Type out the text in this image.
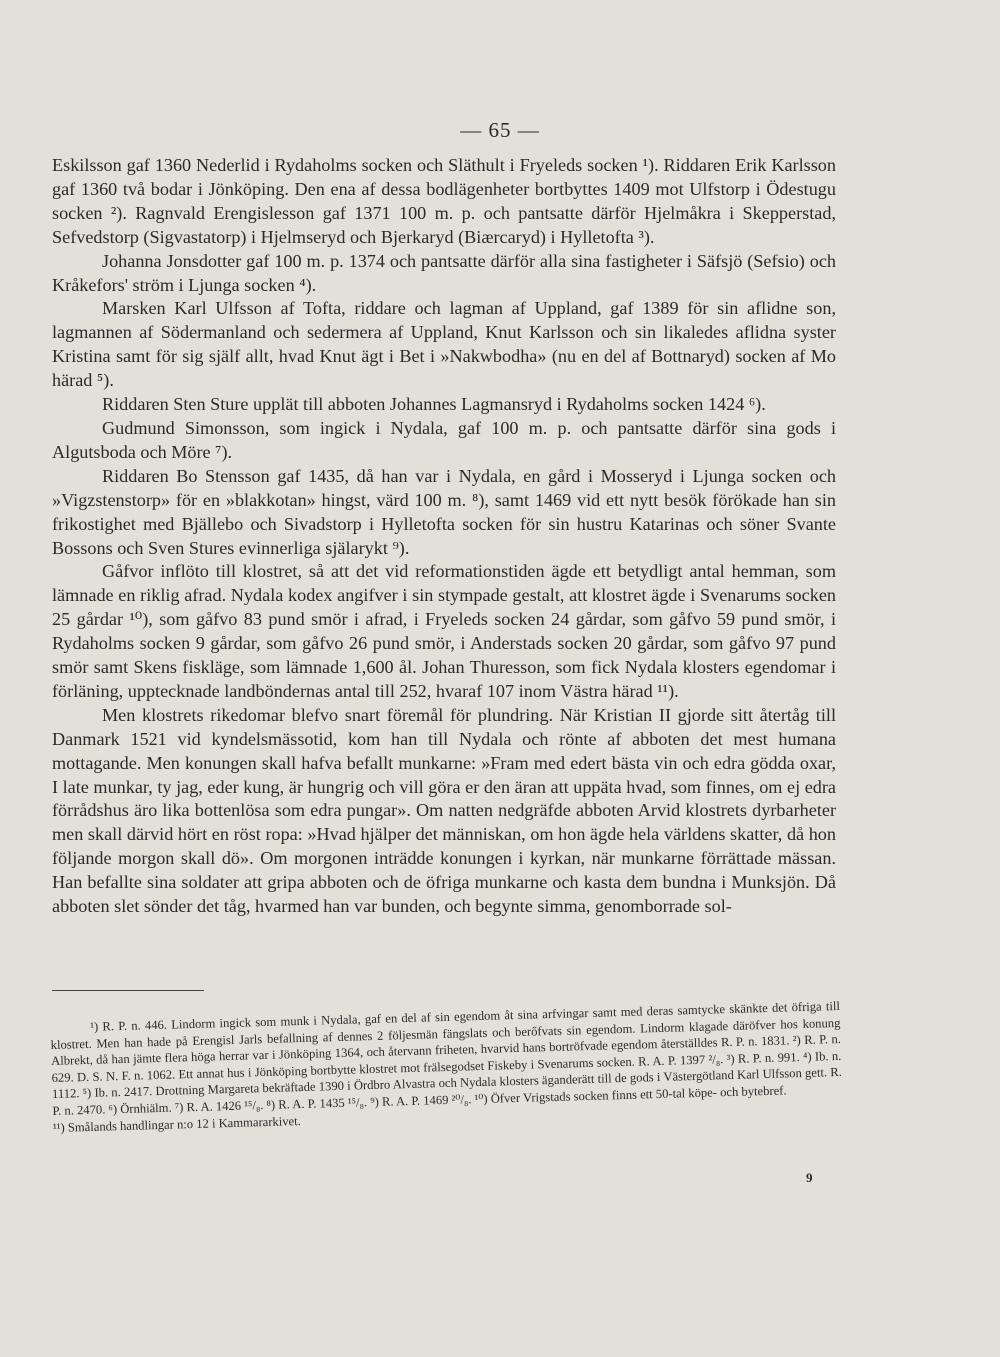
— 65 —

Eskilsson gaf 1360 Nederlid i Rydaholms socken och Släthult i Fryeleds socken ¹). Riddaren Erik Karlsson gaf 1360 två bodar i Jönköping. Den ena af dessa bodlägenheter bortbyttes 1409 mot Ulfstorp i Ödestugu socken ²). Ragnvald Erengislesson gaf 1371 100 m. p. och pantsatte därför Hjelmåkra i Skepperstad, Sefvedstorp (Sigvastatorp) i Hjelmseryd och Bjerkaryd (Biærcaryd) i Hylletofta ³).

Johanna Jonsdotter gaf 100 m. p. 1374 och pantsatte därför alla sina fastigheter i Säfsjö (Sefsio) och Kråkefors' ström i Ljunga socken ⁴).

Marsken Karl Ulfsson af Tofta, riddare och lagman af Uppland, gaf 1389 för sin aflidne son, lagmannen af Södermanland och sedermera af Uppland, Knut Karlsson och sin likaledes aflidna syster Kristina samt för sig själf allt, hvad Knut ägt i Bet i »Nakwbodha» (nu en del af Bottnaryd) socken af Mo härad ⁵).

Riddaren Sten Sture upplät till abboten Johannes Lagmansryd i Rydaholms socken 1424 ⁶).

Gudmund Simonsson, som ingick i Nydala, gaf 100 m. p. och pantsatte därför sina gods i Algutsboda och Möre ⁷).

Riddaren Bo Stensson gaf 1435, då han var i Nydala, en gård i Mosseryd i Ljunga socken och »Vigzstenstorp» för en »blakkotan» hingst, värd 100 m. ⁸), samt 1469 vid ett nytt besök förökade han sin frikostighet med Bjällebo och Sivadstorp i Hylletofta socken för sin hustru Katarinas och söner Svante Bossons och Sven Stures evinnerliga själarykt ⁹).

Gåfvor inflöto till klostret, så att det vid reformationstiden ägde ett betydligt antal hemman, som lämnade en riklig afrad. Nydala kodex angifver i sin stympade gestalt, att klostret ägde i Svenarums socken 25 gårdar ¹⁰), som gåfvo 83 pund smör i afrad, i Fryeleds socken 24 gårdar, som gåfvo 59 pund smör, i Rydaholms socken 9 gårdar, som gåfvo 26 pund smör, i Anderstads socken 20 gårdar, som gåfvo 97 pund smör samt Skens fiskläge, som lämnade 1,600 ål. Johan Thuresson, som fick Nydala klosters egendomar i förläning, upptecknade landböndernas antal till 252, hvaraf 107 inom Västra härad ¹¹).

Men klostrets rikedomar blefvo snart föremål för plundring. När Kristian II gjorde sitt återtåg till Danmark 1521 vid kyndelsmässotid, kom han till Nydala och rönte af abboten det mest humana mottagande. Men konungen skall hafva befallt munkarne: »Fram med edert bästa vin och edra gödda oxar, I late munkar, ty jag, eder kung, är hungrig och vill göra er den äran att uppäta hvad, som finnes, om ej edra förrådshus äro lika bottenlösa som edra pungar». Om natten nedgräfde abboten Arvid klostrets dyrbarheter men skall därvid hört en röst ropa: »Hvad hjälper det människan, om hon ägde hela världens skatter, då hon följande morgon skall dö». Om morgonen inträdde konungen i kyrkan, när munkarne förrättade mässan. Han befallte sina soldater att gripa abboten och de öfriga munkarne och kasta dem bundna i Munksjön. Då abboten slet sönder det tåg, hvarmed han var bunden, och begynte simma, genomborrade sol-

¹) R. P. n. 446. Lindorm ingick som munk i Nydala, gaf en del af sin egendom åt sina arfvingar samt med deras samtycke skänkte det öfriga till klostret. Men han hade på Erengisl Jarls befallning af dennes 2 följesmän fängslats och berőfvats sin egendom. Lindorm klagade däröfver hos konung Albrekt, då han jämte flera höga herrar var i Jönköping 1364, och återvann friheten, hvarvid hans bortröfvade egendom återställdes R. P. n. 1831. ²) R. P. n. 629. D. S. N. F. n. 1062. Ett annat hus i Jönköping bortbytte klostret mot frälsegodset Fiskeby i Svenarums socken. R. A. P. 1397 ²/₈. ³) R. P. n. 991. ⁴) Ib. n. 1112. ⁵) Ib. n. 2417. Drottning Margareta bekräftade 1390 i Ördbro Alvastra och Nydala klosters äganderätt till de gods i Västergötland Karl Ulfsson gett. R. P. n. 2470. ⁶) Örnhiälm. ⁷) R. A. 1426 ¹⁵/₈. ⁸) R. A. P. 1435 ¹⁵/₈. ⁹) R. A. P. 1469 ²⁰/₈. ¹⁰) Öfver Vrigstads socken finns ett 50-tal köpe- och bytebref.

¹¹) Smålands handlingar n:o 12 i Kammararkivet.

9
